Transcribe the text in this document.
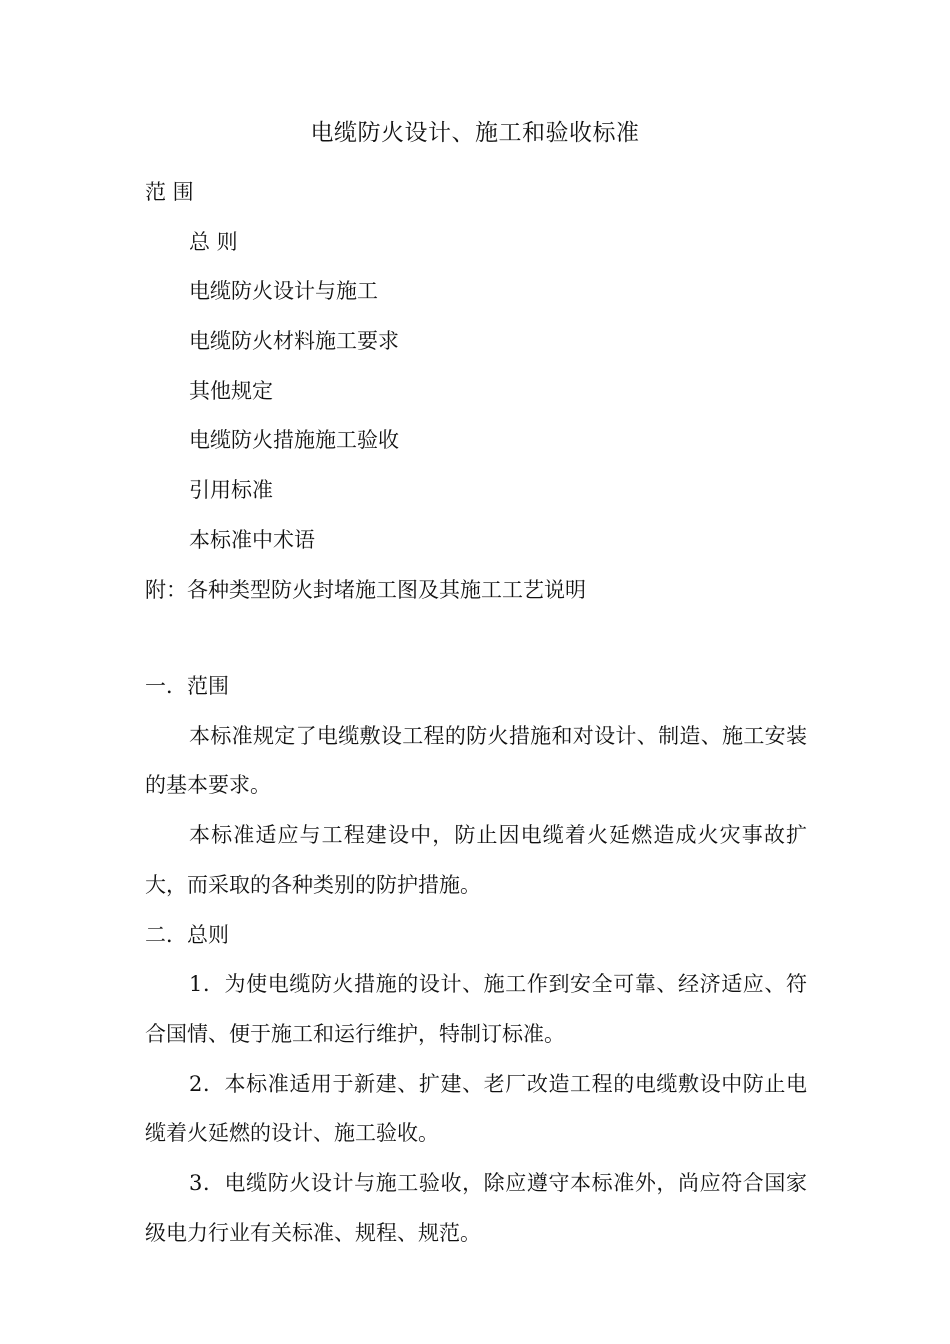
电缆防火设计、施工和验收标准
范 围
总 则
电缆防火设计与施工
电缆防火材料施工要求
其他规定
电缆防火措施施工验收
引用标准
本标准中术语
附：各种类型防火封堵施工图及其施工工艺说明
一．范围

本标准规定了电缆敷设工程的防火措施和对设计、制造、施工安装的基本要求。

本标准适应与工程建设中，防止因电缆着火延燃造成火灾事故扩大，而采取的各种类别的防护措施。

二．总则

1．为使电缆防火措施的设计、施工作到安全可靠、经济适应、符合国情、便于施工和运行维护，特制订标准。

2．本标准适用于新建、扩建、老厂改造工程的电缆敷设中防止电缆着火延燃的设计、施工验收。

3．电缆防火设计与施工验收，除应遵守本标准外，尚应符合国家级电力行业有关标准、规程、规范。
